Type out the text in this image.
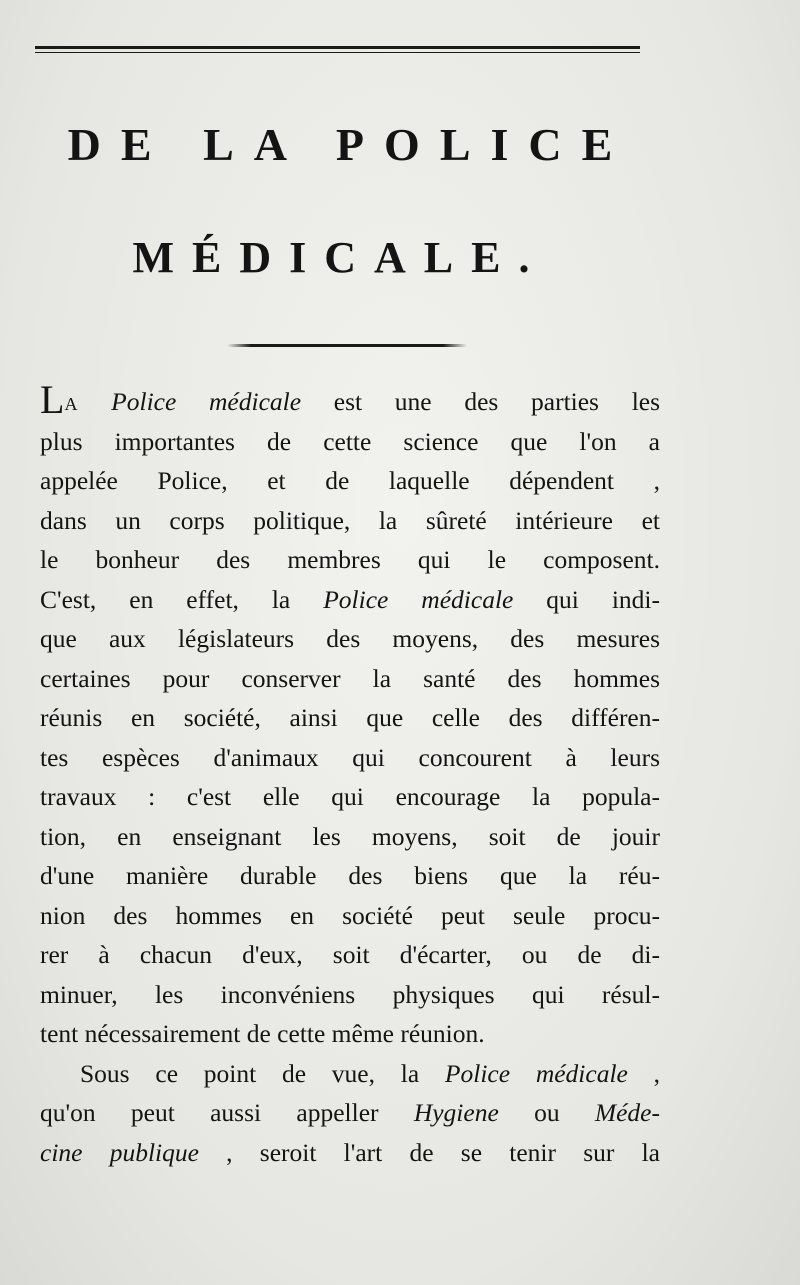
DE LA POLICE
MÉDICALE.
LA Police médicale est une des parties les
plus importantes de cette science que l'on a
appelée Police, et de laquelle dépendent ,
dans un corps politique, la sûreté intérieure et
le bonheur des membres qui le composent.
C'est, en effet, la Police médicale qui indi-
que aux législateurs des moyens, des mesures
certaines pour conserver la santé des hommes
réunis en société, ainsi que celle des différen-
tes espèces d'animaux qui concourent à leurs
travaux : c'est elle qui encourage la popula-
tion, en enseignant les moyens, soit de jouir
d'une manière durable des biens que la réu-
nion des hommes en société peut seule procu-
rer à chacun d'eux, soit d'écarter, ou de di-
minuer, les inconvéniens physiques qui résul-
tent nécessairement de cette même réunion.
Sous ce point de vue, la Police médicale ,
qu'on peut aussi appeller Hygiene ou Méde-
cine publique , seroit l'art de se tenir sur la
